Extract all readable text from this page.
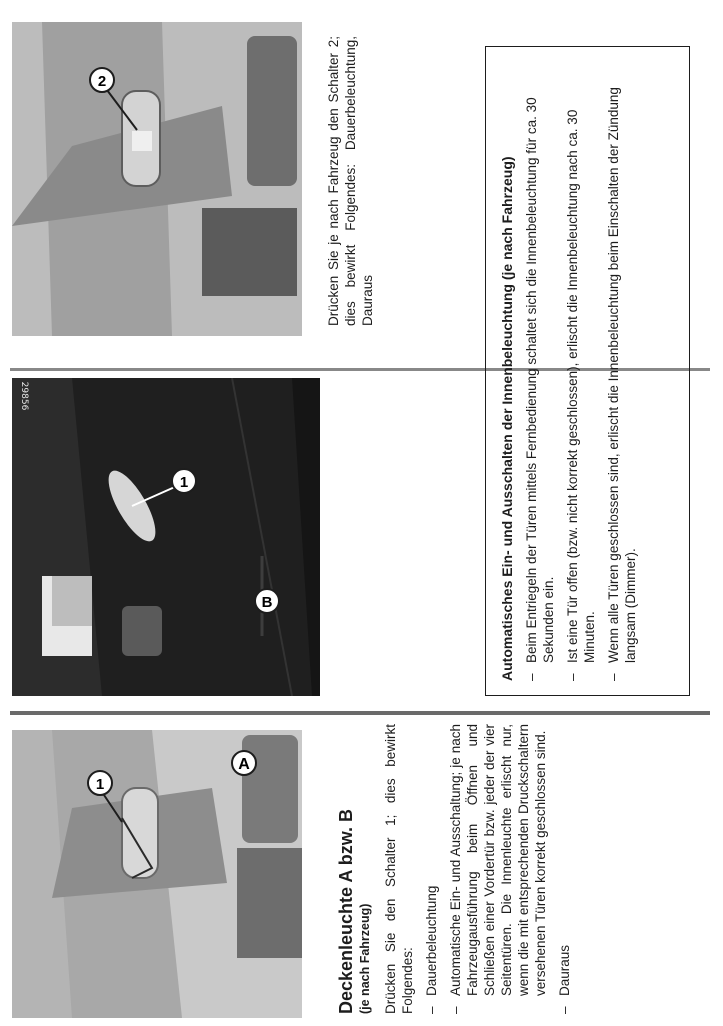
A
1
B
1
29856
2
Deckenleuchte A bzw. B (je nach Fahrzeug) Drücken Sie den Schalter 1; dies bewirkt Folgendes: – Dauerbeleuchtung – Automatische Ein- und Ausschaltung; je nach Fahrzeugausführung beim Öffnen und Schließen einer Vordertür bzw. jeder der vier Seitentüren. Die Innenleuchte erlischt nur, wenn die mit entsprechenden Druckschaltern versehenen Türen korrekt geschlossen sind. – Dauraus
Drücken Sie je nach Fahrzeug den Schalter 2; dies bewirkt Folgendes: Dauerbeleuchtung, Dauraus	Automatisches Ein- und Ausschalten der Innenbeleuchtung (je nach Fahrzeug) – Beim Entriegeln der Türen mittels Fernbedienung schaltet sich die Innenbeleuchtung für ca. 30 Sekunden ein. – Ist eine Tür offen (bzw. nicht korrekt geschlossen), erlischt die Innenbeleuchtung nach ca. 30 Minuten. – Wenn alle Türen geschlossen sind, erlischt die Innenbeleuchtung beim Einschalten der Zündung langsam (Dimmer).
